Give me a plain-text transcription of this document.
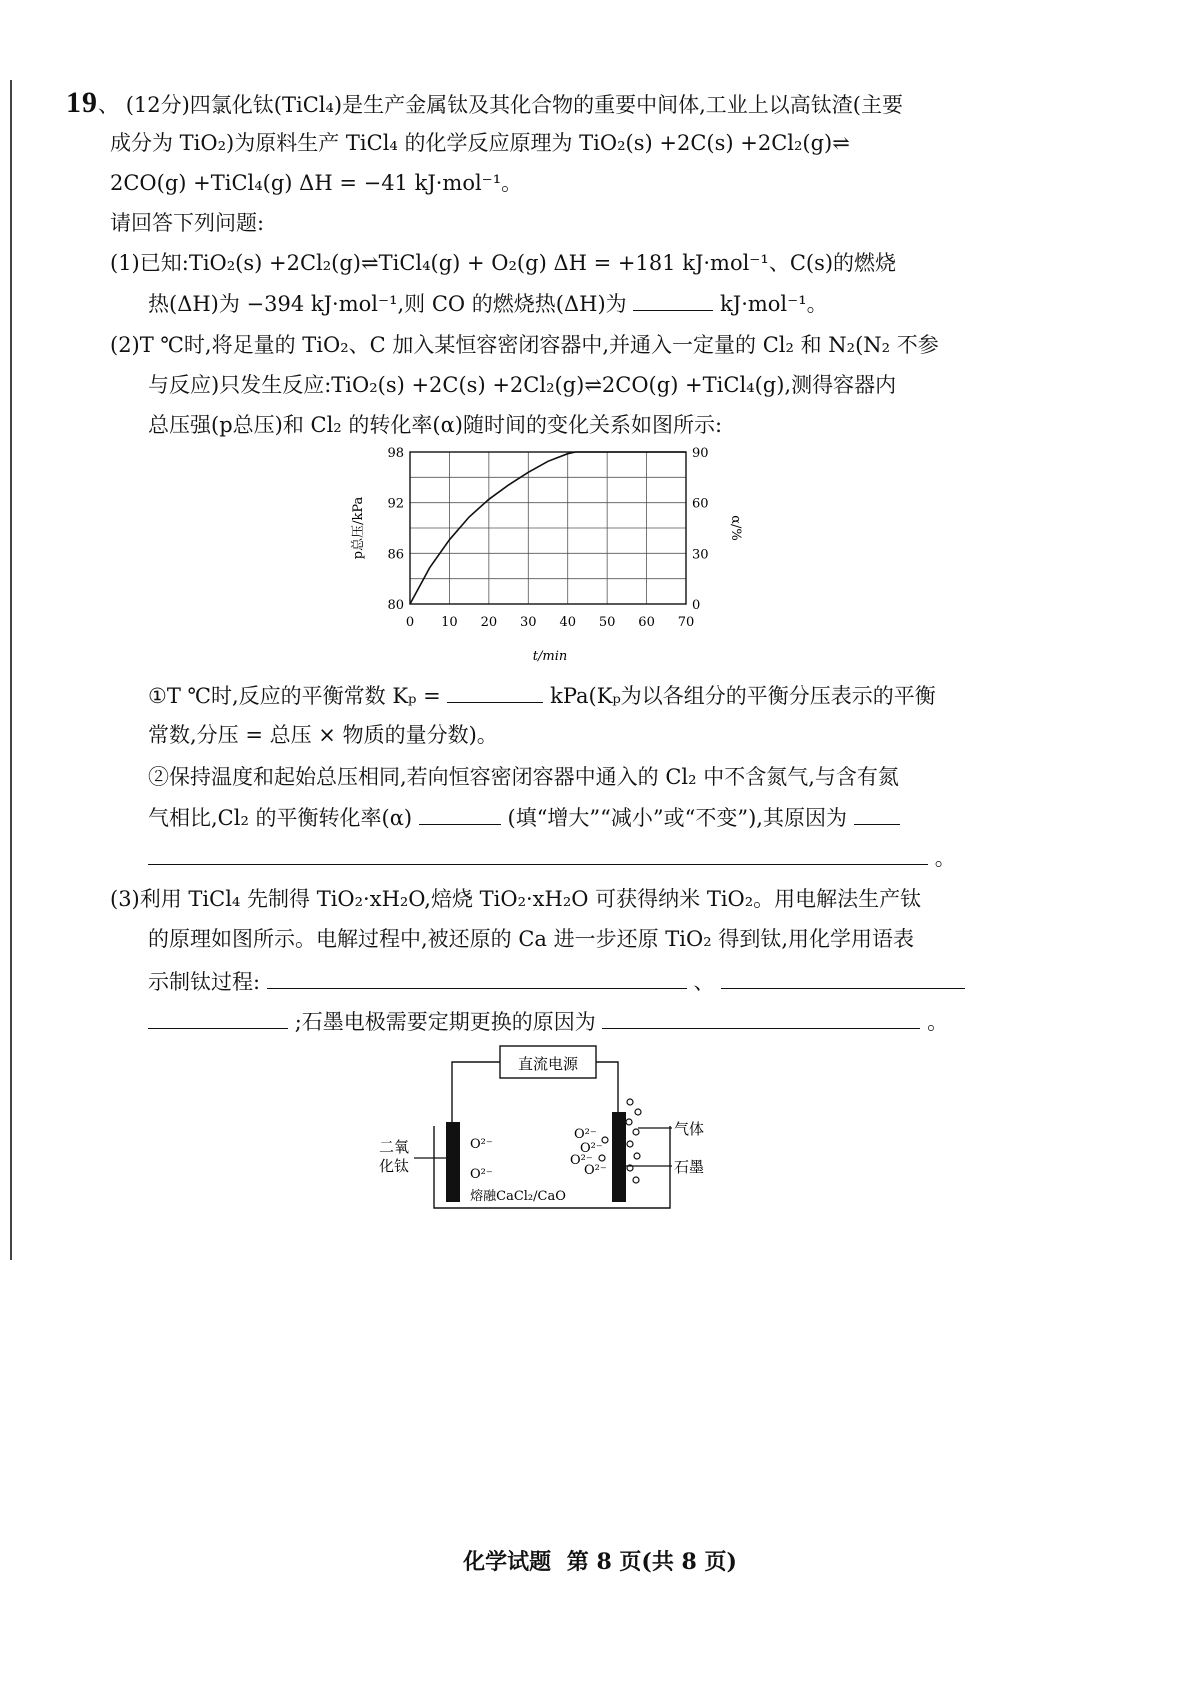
19、 (12分)四氯化钛(TiCl₄)是生产金属钛及其化合物的重要中间体,工业上以高钛渣(主要
成分为 TiO₂)为原料生产 TiCl₄ 的化学反应原理为 TiO₂(s) +2C(s) +2Cl₂(g)⇌
2CO(g) +TiCl₄(g) ΔH = −41 kJ·mol⁻¹。
请回答下列问题:
(1)已知:TiO₂(s) +2Cl₂(g)⇌TiCl₄(g) + O₂(g) ΔH = +181 kJ·mol⁻¹、C(s)的燃烧
热(ΔH)为 −394 kJ·mol⁻¹,则 CO 的燃烧热(ΔH)为	kJ·mol⁻¹。
(2)T ℃时,将足量的 TiO₂、C 加入某恒容密闭容器中,并通入一定量的 Cl₂ 和 N₂(N₂ 不参
与反应)只发生反应:TiO₂(s) +2C(s) +2Cl₂(g)⇌2CO(g) +TiCl₄(g),测得容器内
总压强(p总压)和 Cl₂ 的转化率(α)随时间的变化关系如图所示:
80
86
92
98
0
30
60
90
0 10 20 30 40 50 60 70
t/min
p总压/kPa	α/%
①T ℃时,反应的平衡常数 Kₚ =	kPa(Kₚ为以各组分的平衡分压表示的平衡
常数,分压 = 总压 × 物质的量分数)。
②保持温度和起始总压相同,若向恒容密闭容器中通入的 Cl₂ 中不含氮气,与含有氮
气相比,Cl₂ 的平衡转化率(α)	(填“增大”“减小”或“不变”),其原因为
。
(3)利用 TiCl₄ 先制得 TiO₂·xH₂O,焙烧 TiO₂·xH₂O 可获得纳米 TiO₂。用电解法生产钛
的原理如图所示。电解过程中,被还原的 Ca 进一步还原 TiO₂ 得到钛,用化学用语表
示制钛过程:	、
;石墨电极需要定期更换的原因为	。
直流电源
二氧
化钛
O²⁻
O²⁻
O²⁻
O²⁻
O²⁻
O²⁻
气体
石墨
熔融CaCl₂/CaO
化学试题 第 8 页(共 8 页)
